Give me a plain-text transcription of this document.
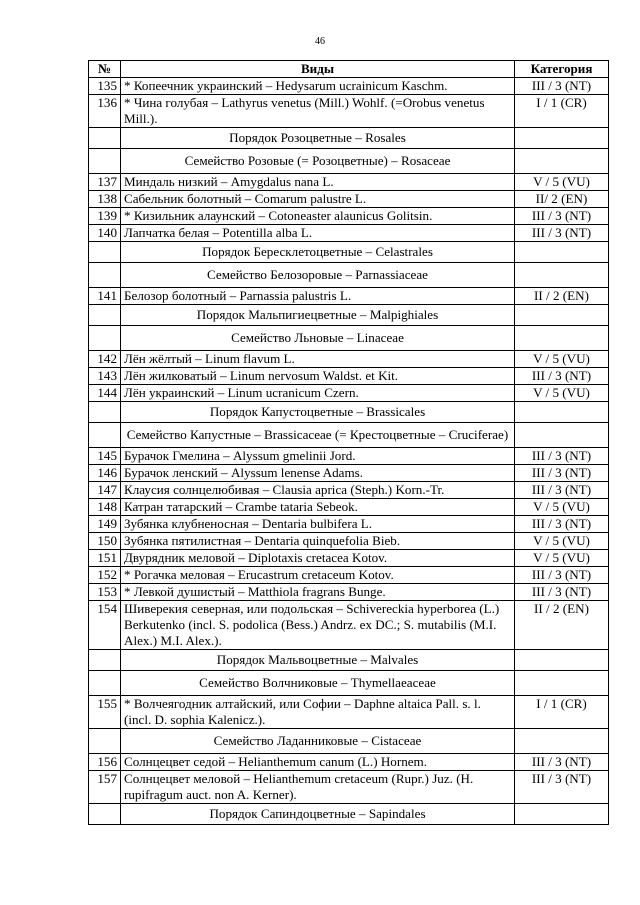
46
№	Виды	Категория
135	* Копеечник украинский – Hedysarum ucrainicum Kaschm.	III / 3 (NT)
136	* Чина голубая – Lathyrus venetus (Mill.) Wohlf. (=Orobus venetus Mill.).	I / 1 (CR)
	Порядок Розоцветные – Rosales	
	Семейство Розовые (= Розоцветные) – Rosaceae	
137	Миндаль низкий – Amygdalus nana L.	V / 5 (VU)
138	Сабельник болотный – Comarum palustre L.	II/ 2 (EN)
139	* Кизильник алаунский – Cotoneaster alaunicus Golitsin.	III / 3 (NT)
140	Лапчатка белая – Potentilla alba L.	III / 3 (NT)
	Порядок Бересклетоцветные – Celastrales	
	Семейство Белозоровые – Parnassiaceae	
141	Белозор болотный – Parnassia palustris L.	II / 2 (EN)
	Порядок Мальпигиецветные – Malpighiales	
	Семейство Льновые – Linaceae	
142	Лён жёлтый – Linum flavum L.	V / 5 (VU)
143	Лён жилковатый – Linum nervosum Waldst. et Kit.	III / 3 (NT)
144	Лён украинский – Linum ucranicum Czern.	V / 5 (VU)
	Порядок Капустоцветные – Brassicales	
	Семейство Капустные – Brassicaceae (= Крестоцветные – Cruciferae)	
145	Бурачок Гмелина – Alyssum gmelinii Jord.	III / 3 (NT)
146	Бурачок ленский – Alyssum lenense Adams.	III / 3 (NT)
147	Клаусия солнцелюбивая – Clausia aprica (Steph.) Korn.-Tr.	III / 3 (NT)
148	Катран татарский – Crambe tataria Sebeok.	V / 5 (VU)
149	Зубянка клубненосная – Dentaria bulbifera L.	III / 3 (NT)
150	Зубянка пятилистная – Dentaria quinquefolia Bieb.	V / 5 (VU)
151	Двурядник меловой – Diplotaxis cretacea Kotov.	V / 5 (VU)
152	* Рогачка меловая – Erucastrum cretaceum Kotov.	III / 3 (NT)
153	* Левкой душистый – Matthiola fragrans Bunge.	III / 3 (NT)
154	Шиверекия северная, или подольская – Schivereckia hyperborea (L.) Berkutenko (incl. S. podolica (Bess.) Andrz. ex DC.; S. mutabilis (M.I. Alex.) M.I. Alex.).	II / 2 (EN)
	Порядок Мальвоцветные – Malvales	
	Семейство Волчниковые – Thymellaeaceae	
155	* Волчеягодник алтайский, или Софии – Daphne altaica Pall. s. l. (incl. D. sophia Kalenicz.).	I / 1 (CR)
	Семейство Ладанниковые – Cistaceae	
156	Солнцецвет седой – Helianthemum canum (L.) Hornem.	III / 3 (NT)
157	Солнцецвет меловой – Helianthemum cretaceum (Rupr.) Juz. (H. rupifragum auct. non A. Kerner).	III / 3 (NT)
	Порядок Сапиндоцветные – Sapindales	
